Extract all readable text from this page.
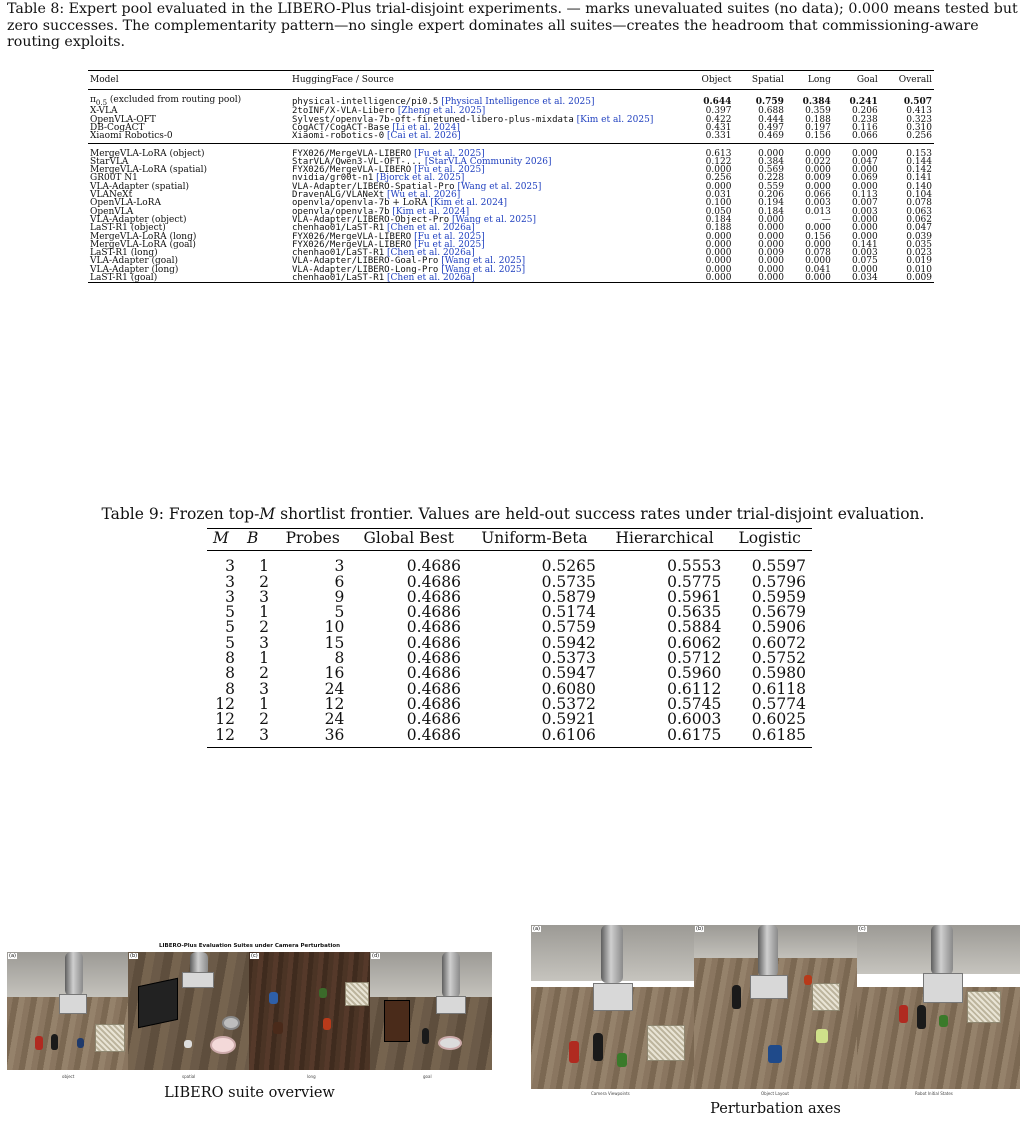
Table 8: Expert pool evaluated in the LIBERO-Plus trial-disjoint experiments. — marks unevaluated suites (no data); 0.000 means tested but zero successes. The complementarity pattern—no single expert dominates all suites—creates the headroom that commissioning-aware routing exploits.
Model	HuggingFace / Source	Object	Spatial	Long	Goal	Overall
$\pi_{0.5}$ (excluded from routing pool)	physical-intelligence/pi0.5 [Physical Intelligence et al. 2025]	0.644	0.759	0.384	0.241	0.507
X-VLA	2toINF/X-VLA-Libero [Zheng et al. 2025]	0.397	0.688	0.359	0.206	0.413
OpenVLA-OFT	Sylvest/openvla-7b-oft-finetuned-libero-plus-mixdata [Kim et al. 2025]	0.422	0.444	0.188	0.238	0.323
DB-CogACT	CogACT/CogACT-Base [Li et al. 2024]	0.431	0.497	0.197	0.116	0.310
Xiaomi Robotics-0	Xiaomi-robotics-0 [Cai et al. 2026]	0.331	0.469	0.156	0.066	0.256
MergeVLA-LoRA (object)	FYX026/MergeVLA-LIBERO [Fu et al. 2025]	0.613	0.000	0.000	0.000	0.153
StarVLA	StarVLA/Qwen3-VL-OFT-... [StarVLA Community 2026]	0.122	0.384	0.022	0.047	0.144
MergeVLA-LoRA (spatial)	FYX026/MergeVLA-LIBERO [Fu et al. 2025]	0.000	0.569	0.000	0.000	0.142
GR00T N1	nvidia/gr00t-n1 [Bjorck et al. 2025]	0.256	0.228	0.009	0.069	0.141
VLA-Adapter (spatial)	VLA-Adapter/LIBERO-Spatial-Pro [Wang et al. 2025]	0.000	0.559	0.000	0.000	0.140
VLANeXt	DravenALG/VLANeXt [Wu et al. 2026]	0.031	0.206	0.066	0.113	0.104
OpenVLA-LoRA	openvla/openvla-7b + LoRA [Kim et al. 2024]	0.100	0.194	0.003	0.007	0.078
OpenVLA	openvla/openvla-7b [Kim et al. 2024]	0.050	0.184	0.013	0.003	0.063
VLA-Adapter (object)	VLA-Adapter/LIBERO-Object-Pro [Wang et al. 2025]	0.184	0.000	—	0.000	0.062
LaST-R1 (object)	chenhao01/LaST-R1 [Chen et al. 2026a]	0.188	0.000	0.000	0.000	0.047
MergeVLA-LoRA (long)	FYX026/MergeVLA-LIBERO [Fu et al. 2025]	0.000	0.000	0.156	0.000	0.039
MergeVLA-LoRA (goal)	FYX026/MergeVLA-LIBERO [Fu et al. 2025]	0.000	0.000	0.000	0.141	0.035
LaST-R1 (long)	chenhao01/LaST-R1 [Chen et al. 2026a]	0.000	0.009	0.078	0.003	0.023
VLA-Adapter (goal)	VLA-Adapter/LIBERO-Goal-Pro [Wang et al. 2025]	0.000	0.000	0.000	0.075	0.019
VLA-Adapter (long)	VLA-Adapter/LIBERO-Long-Pro [Wang et al. 2025]	0.000	0.000	0.041	0.000	0.010
LaST-R1 (goal)	chenhao01/LaST-R1 [Chen et al. 2026a]	0.000	0.000	0.000	0.034	0.009
Table 9: Frozen top-M shortlist frontier. Values are held-out success rates under trial-disjoint evaluation.
M	B	Probes	Global Best	Uniform-Beta	Hierarchical	Logistic
3	1	3	0.4686	0.5265	0.5553	0.5597
3	2	6	0.4686	0.5735	0.5775	0.5796
3	3	9	0.4686	0.5879	0.5961	0.5959
5	1	5	0.4686	0.5174	0.5635	0.5679
5	2	10	0.4686	0.5759	0.5884	0.5906
5	3	15	0.4686	0.5942	0.6062	0.6072
8	1	8	0.4686	0.5373	0.5712	0.5752
8	2	16	0.4686	0.5947	0.5960	0.5980
8	3	24	0.4686	0.6080	0.6112	0.6118
12	1	12	0.4686	0.5372	0.5745	0.5774
12	2	24	0.4686	0.5921	0.6003	0.6025
12	3	36	0.4686	0.6106	0.6175	0.6185
LIBERO-Plus Evaluation Suites under Camera Perturbation
(a)	(b)	(c)	(d)
object	spatial	long	goal
LIBERO suite overview
(a)	(b)	(c)
Camera Viewpoints	Object Layout	Robot Initial States
Perturbation axes
